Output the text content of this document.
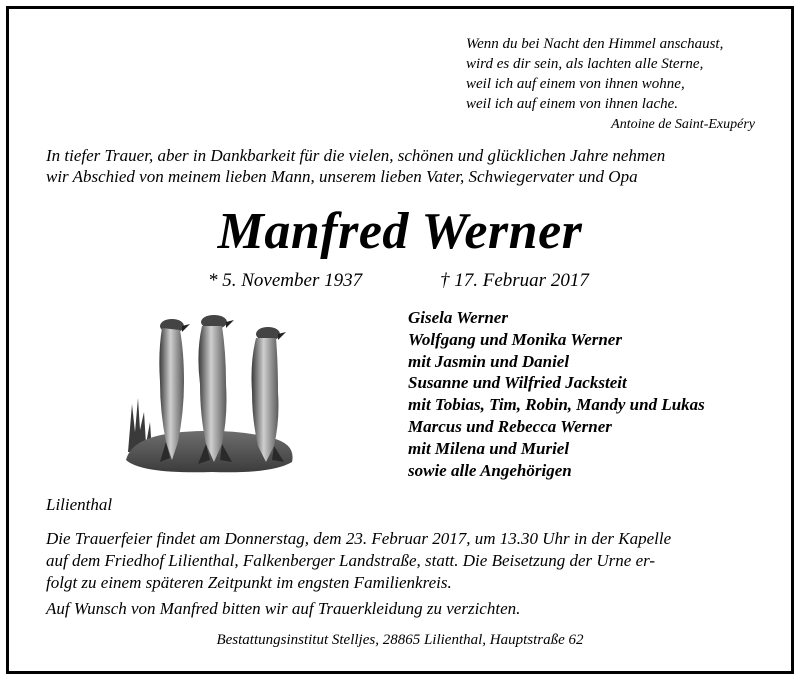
Wenn du bei Nacht den Himmel anschaust,
wird es dir sein, als lachten alle Sterne,
weil ich auf einem von ihnen wohne,
weil ich auf einem von ihnen lache.
Antoine de Saint-Exupéry
In tiefer Trauer, aber in Dankbarkeit für die vielen, schönen und glücklichen Jahre nehmen
wir Abschied von meinem lieben Mann, unserem lieben Vater, Schwiegervater und Opa
Manfred Werner
* 5. November 1937	† 17. Februar 2017
Gisela Werner
Wolfgang und Monika Werner
mit Jasmin und Daniel
Susanne und Wilfried Jacksteit
mit Tobias, Tim, Robin, Mandy und Lukas
Marcus und Rebecca Werner
mit Milena und Muriel
sowie alle Angehörigen
Lilienthal
Die Trauerfeier findet am Donnerstag, dem 23. Februar 2017, um 13.30 Uhr in der Kapelle
auf dem Friedhof Lilienthal, Falkenberger Landstraße, statt. Die Beisetzung der Urne er-
folgt zu einem späteren Zeitpunkt im engsten Familienkreis.
Auf Wunsch von Manfred bitten wir auf Trauerkleidung zu verzichten.
Bestattungsinstitut Stelljes, 28865 Lilienthal, Hauptstraße 62
